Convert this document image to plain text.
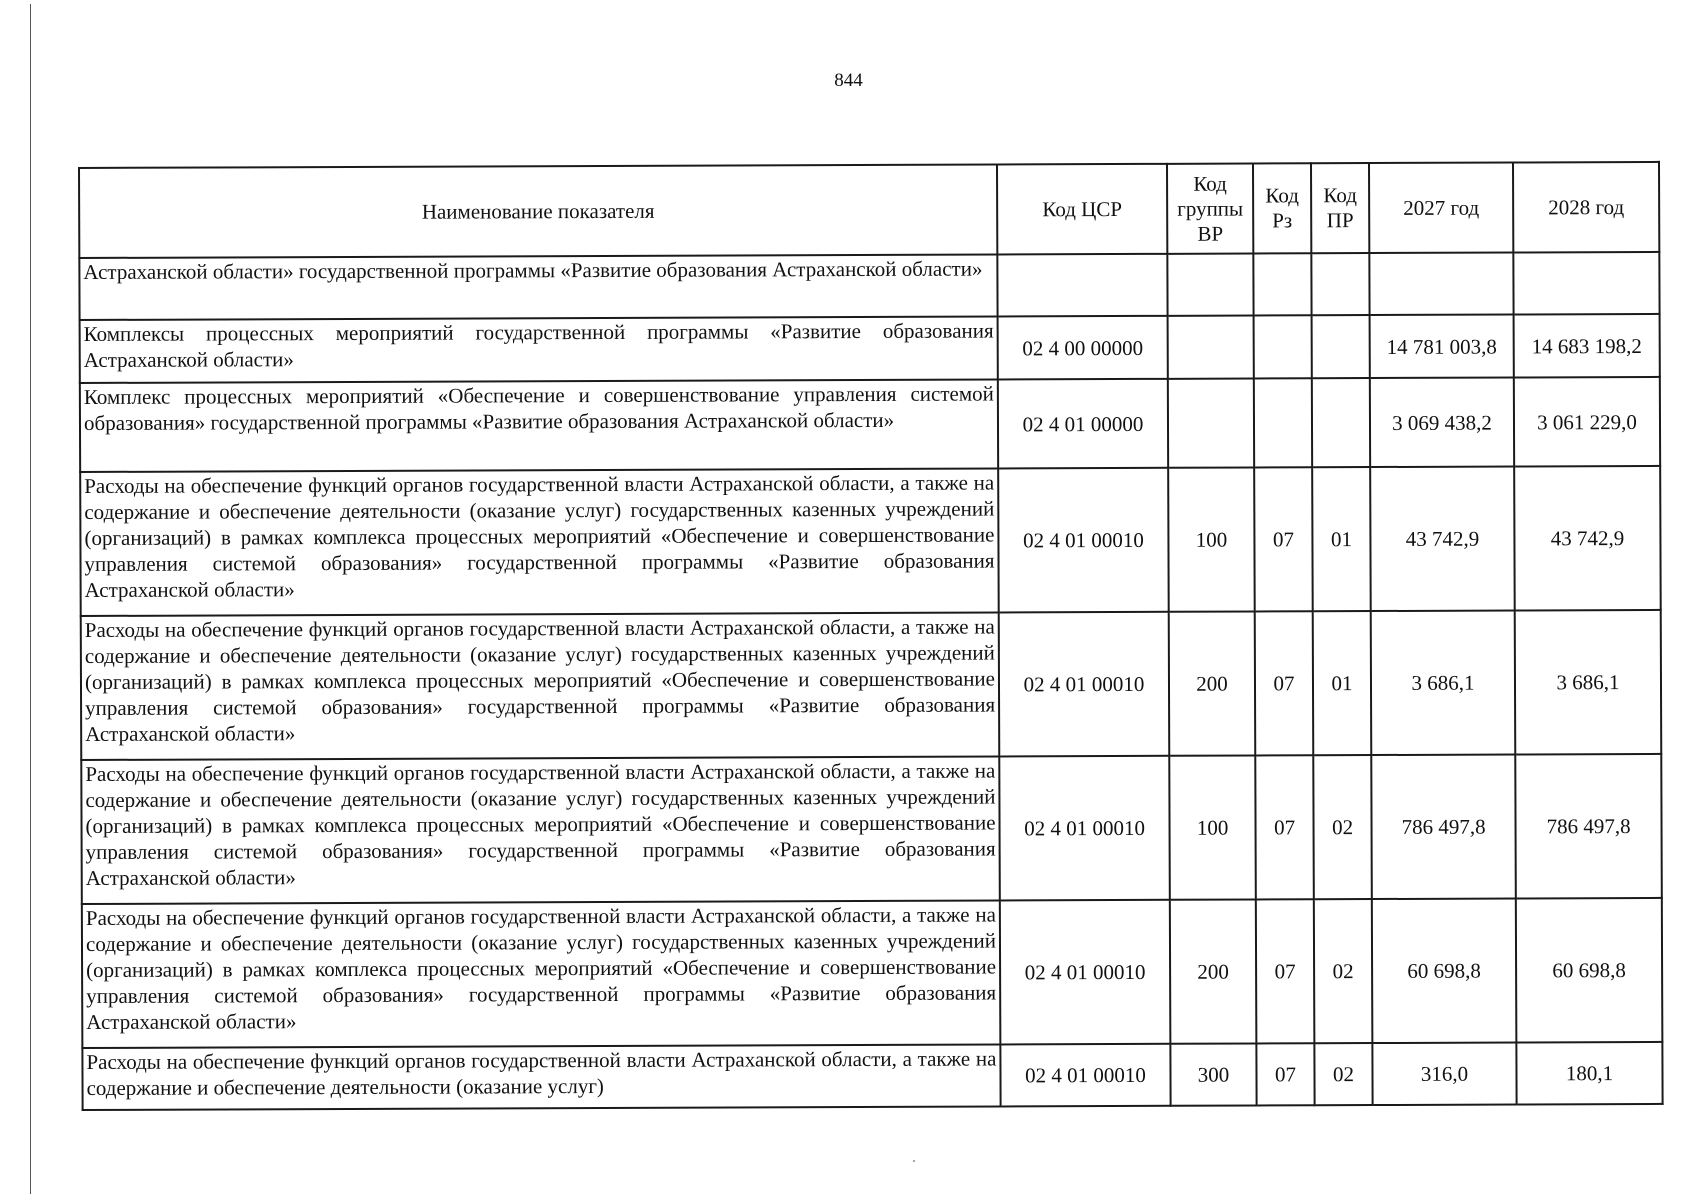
844
Наименование показателя	Код ЦСР	Код группы ВР	Код Рз	Код ПР	2027 год	2028 год
Астраханской области» государственной программы «Развитие образования Астраханской области»						
Комплексы процессных мероприятий государственной программы «Развитие образования Астраханской области»	02 4 00 00000				14 781 003,8	14 683 198,2
Комплекс процессных мероприятий «Обеспечение и совершенствование управления системой образования» государственной программы «Развитие образования Астраханской области»	02 4 01 00000				3 069 438,2	3 061 229,0
Расходы на обеспечение функций органов государственной власти Астраханской области, а также на содержание и обеспечение деятельности (оказание услуг) государственных казенных учреждений (организаций) в рамках комплекса процессных мероприятий «Обеспечение и совершенствование управления системой образования» государственной программы «Развитие образования Астраханской области»	02 4 01 00010	100	07	01	43 742,9	43 742,9
Расходы на обеспечение функций органов государственной власти Астраханской области, а также на содержание и обеспечение деятельности (оказание услуг) государственных казенных учреждений (организаций) в рамках комплекса процессных мероприятий «Обеспечение и совершенствование управления системой образования» государственной программы «Развитие образования Астраханской области»	02 4 01 00010	200	07	01	3 686,1	3 686,1
Расходы на обеспечение функций органов государственной власти Астраханской области, а также на содержание и обеспечение деятельности (оказание услуг) государственных казенных учреждений (организаций) в рамках комплекса процессных мероприятий «Обеспечение и совершенствование управления системой образования» государственной программы «Развитие образования Астраханской области»	02 4 01 00010	100	07	02	786 497,8	786 497,8
Расходы на обеспечение функций органов государственной власти Астраханской области, а также на содержание и обеспечение деятельности (оказание услуг) государственных казенных учреждений (организаций) в рамках комплекса процессных мероприятий «Обеспечение и совершенствование управления системой образования» государственной программы «Развитие образования Астраханской области»	02 4 01 00010	200	07	02	60 698,8	60 698,8
Расходы на обеспечение функций органов государственной власти Астраханской области, а также на содержание и обеспечение деятельности (оказание услуг)	02 4 01 00010	300	07	02	316,0	180,1
